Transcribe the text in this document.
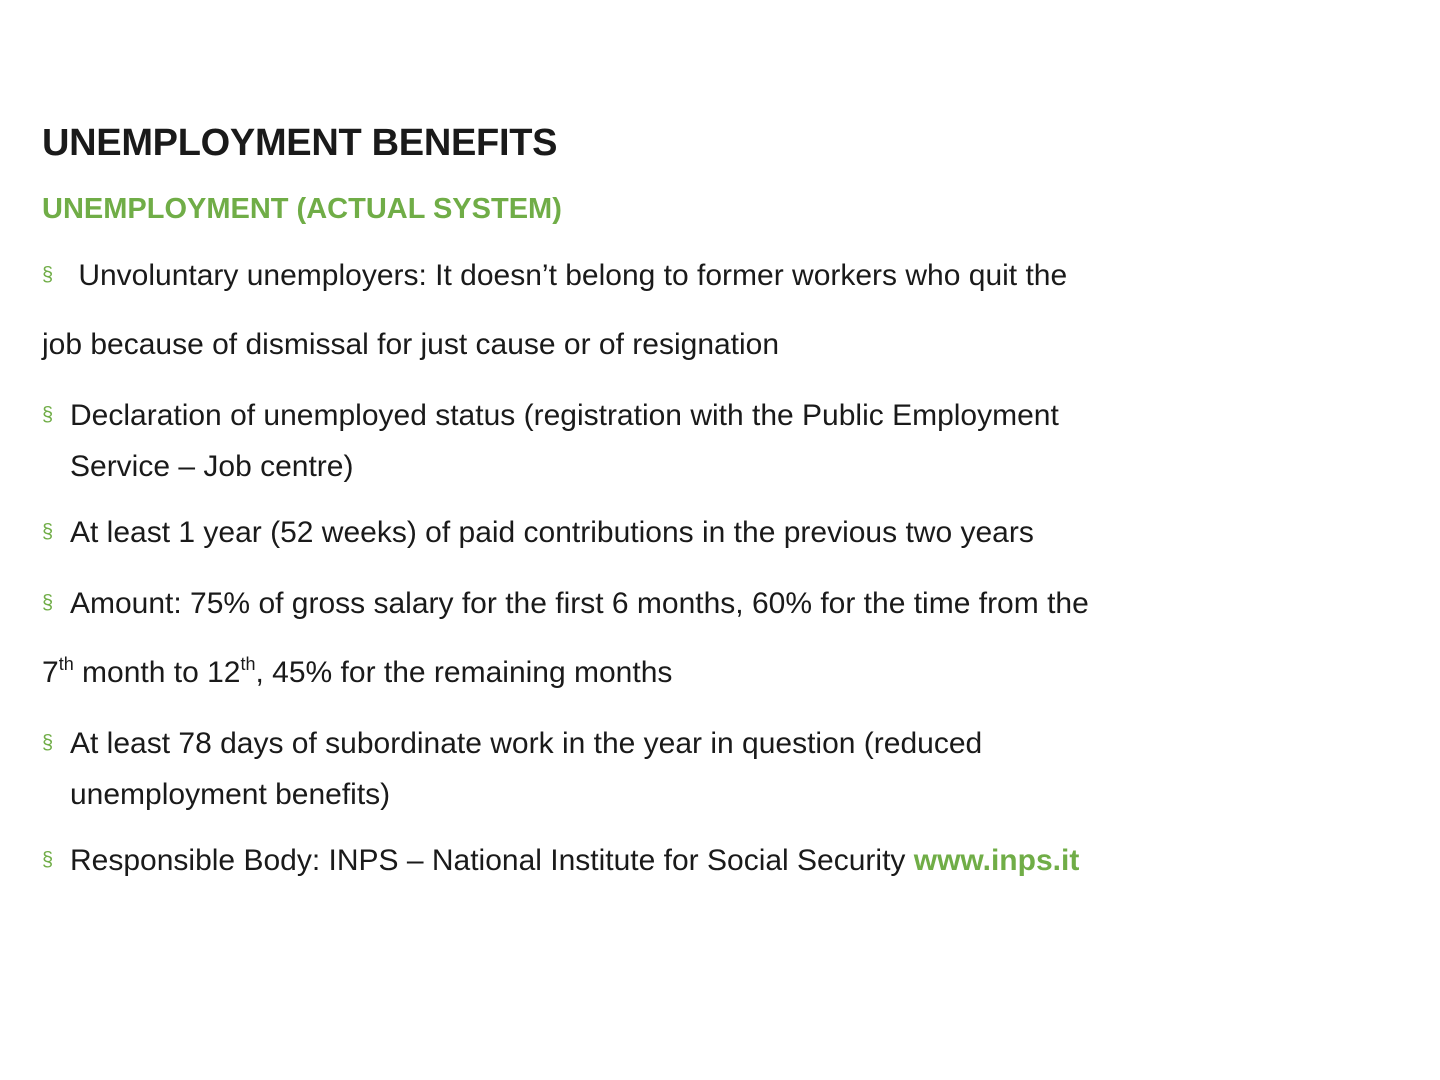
UNEMPLOYMENT BENEFITS
UNEMPLOYMENT (ACTUAL SYSTEM)

§ Unvoluntary unemployers: It doesn’t belong to former workers who quit the

job because of dismissal for just cause or of resignation

§ Declaration of unemployed status (registration with the Public Employment

Service – Job centre)

§ At least 1 year (52 weeks) of paid contributions in the previous two years

§ Amount: 75% of gross salary for the first 6 months, 60% for the time from the

7th month to 12th, 45% for the remaining months

§ At least 78 days of subordinate work in the year in question (reduced

unemployment benefits)

§ Responsible Body: INPS – National Institute for Social Security www.inps.it
